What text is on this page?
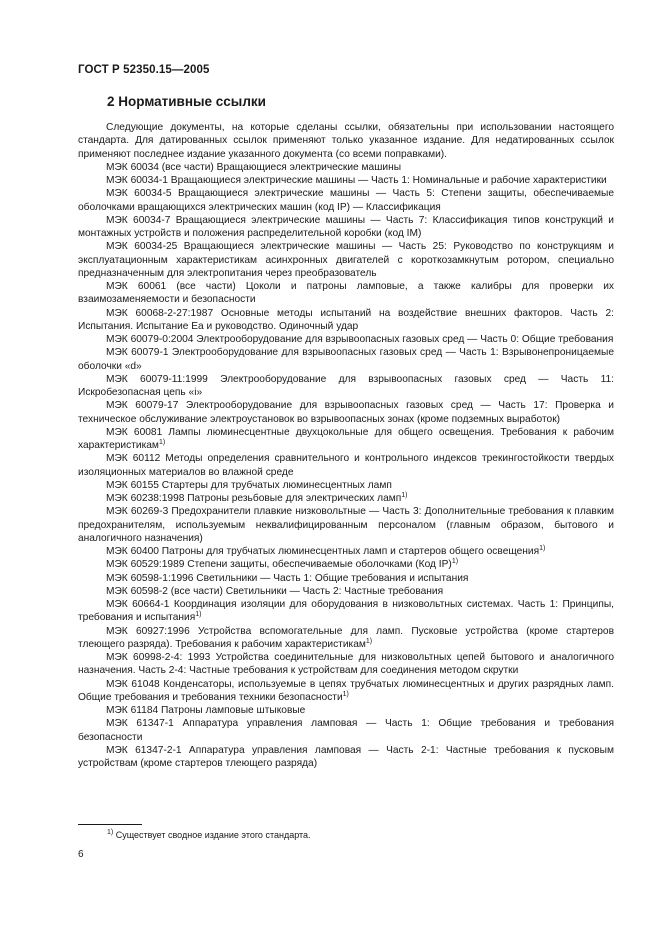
ГОСТ Р 52350.15—2005
2 Нормативные ссылки

Следующие документы, на которые сделаны ссылки, обязательны при использовании настоящего стандарта. Для датированных ссылок применяют только указанное издание. Для недатированных ссылок применяют последнее издание указанного документа (со всеми поправками).

МЭК 60034 (все части) Вращающиеся электрические машины

МЭК 60034-1 Вращающиеся электрические машины — Часть 1: Номинальные и рабочие характеристики

МЭК 60034-5 Вращающиеся электрические машины — Часть 5: Степени защиты, обеспечиваемые оболочками вращающихся электрических машин (код IP) — Классификация

МЭК 60034-7 Вращающиеся электрические машины — Часть 7: Классификация типов конструкций и монтажных устройств и положения распределительной коробки (код IM)

МЭК 60034-25 Вращающиеся электрические машины — Часть 25: Руководство по конструкциям и эксплуатационным характеристикам асинхронных двигателей с короткозамкнутым ротором, специально предназначенным для электропитания через преобразователь

МЭК 60061 (все части) Цоколи и патроны ламповые, а также калибры для проверки их взаимозаменяемости и безопасности

МЭК 60068-2-27:1987 Основные методы испытаний на воздействие внешних факторов. Часть 2: Испытания. Испытание Еа и руководство. Одиночный удар

МЭК 60079-0:2004 Электрооборудование для взрывоопасных газовых сред — Часть 0: Общие требования

МЭК 60079-1 Электрооборудование для взрывоопасных газовых сред — Часть 1: Взрывонепроницаемые оболочки «d»

МЭК 60079-11:1999 Электрооборудование для взрывоопасных газовых сред — Часть 11: Искробезопасная цепь «i»

МЭК 60079-17 Электрооборудование для взрывоопасных газовых сред — Часть 17: Проверка и техническое обслуживание электроустановок во взрывоопасных зонах (кроме подземных выработок)

МЭК 60081 Лампы люминесцентные двухцокольные для общего освещения. Требования к рабочим характеристикам$^{1)}$

МЭК 60112 Методы определения сравнительного и контрольного индексов трекингостойкости твердых изоляционных материалов во влажной среде

МЭК 60155 Стартеры для трубчатых люминесцентных ламп

МЭК 60238:1998 Патроны резьбовые для электрических ламп$^{1)}$

МЭК 60269-3 Предохранители плавкие низковольтные — Часть 3: Дополнительные требования к плавким предохранителям, используемым неквалифицированным персоналом (главным образом, бытового и аналогичного назначения)

МЭК 60400 Патроны для трубчатых люминесцентных ламп и стартеров общего освещения$^{1)}$

МЭК 60529:1989 Степени защиты, обеспечиваемые оболочками (Код IP)$^{1)}$

МЭК 60598-1:1996 Светильники — Часть 1: Общие требования и испытания

МЭК 60598-2 (все части) Светильники — Часть 2: Частные требования

МЭК 60664-1 Координация изоляции для оборудования в низковольтных системах. Часть 1: Принципы, требования и испытания$^{1)}$

МЭК 60927:1996 Устройства вспомогательные для ламп. Пусковые устройства (кроме стартеров тлеющего разряда). Требования к рабочим характеристикам$^{1)}$

МЭК 60998-2-4: 1993 Устройства соединительные для низковольтных цепей бытового и аналогичного назначения. Часть 2-4: Частные требования к устройствам для соединения методом скрутки

МЭК 61048 Конденсаторы, используемые в цепях трубчатых люминесцентных и других разрядных ламп. Общие требования и требования техники безопасности$^{1)}$

МЭК 61184 Патроны ламповые штыковые

МЭК 61347-1 Аппаратура управления ламповая — Часть 1: Общие требования и требования безопасности

МЭК 61347-2-1 Аппаратура управления ламповая — Часть 2-1: Частные требования к пусковым устройствам (кроме стартеров тлеющего разряда)

$^{1)}$ Существует сводное издание этого стандарта.
6
